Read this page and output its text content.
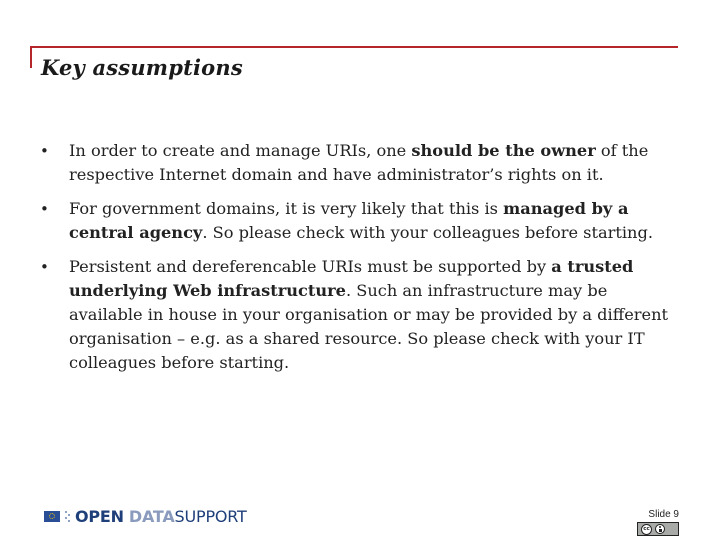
Key assumptions
• In order to create and manage URIs, one should be the owner of the respective Internet domain and have administrator’s rights on it.
• For government domains, it is very likely that this is managed by a central agency. So please check with your colleagues before starting.
• Persistent and dereferencable URIs must be supported by a trusted underlying Web infrastructure. Such an infrastructure may be available in house in your organisation or may be provided by a different organisation – e.g. as a shared resource. So please check with your IT colleagues before starting.
OPEN DATASUPPORT	Slide 9
cc
